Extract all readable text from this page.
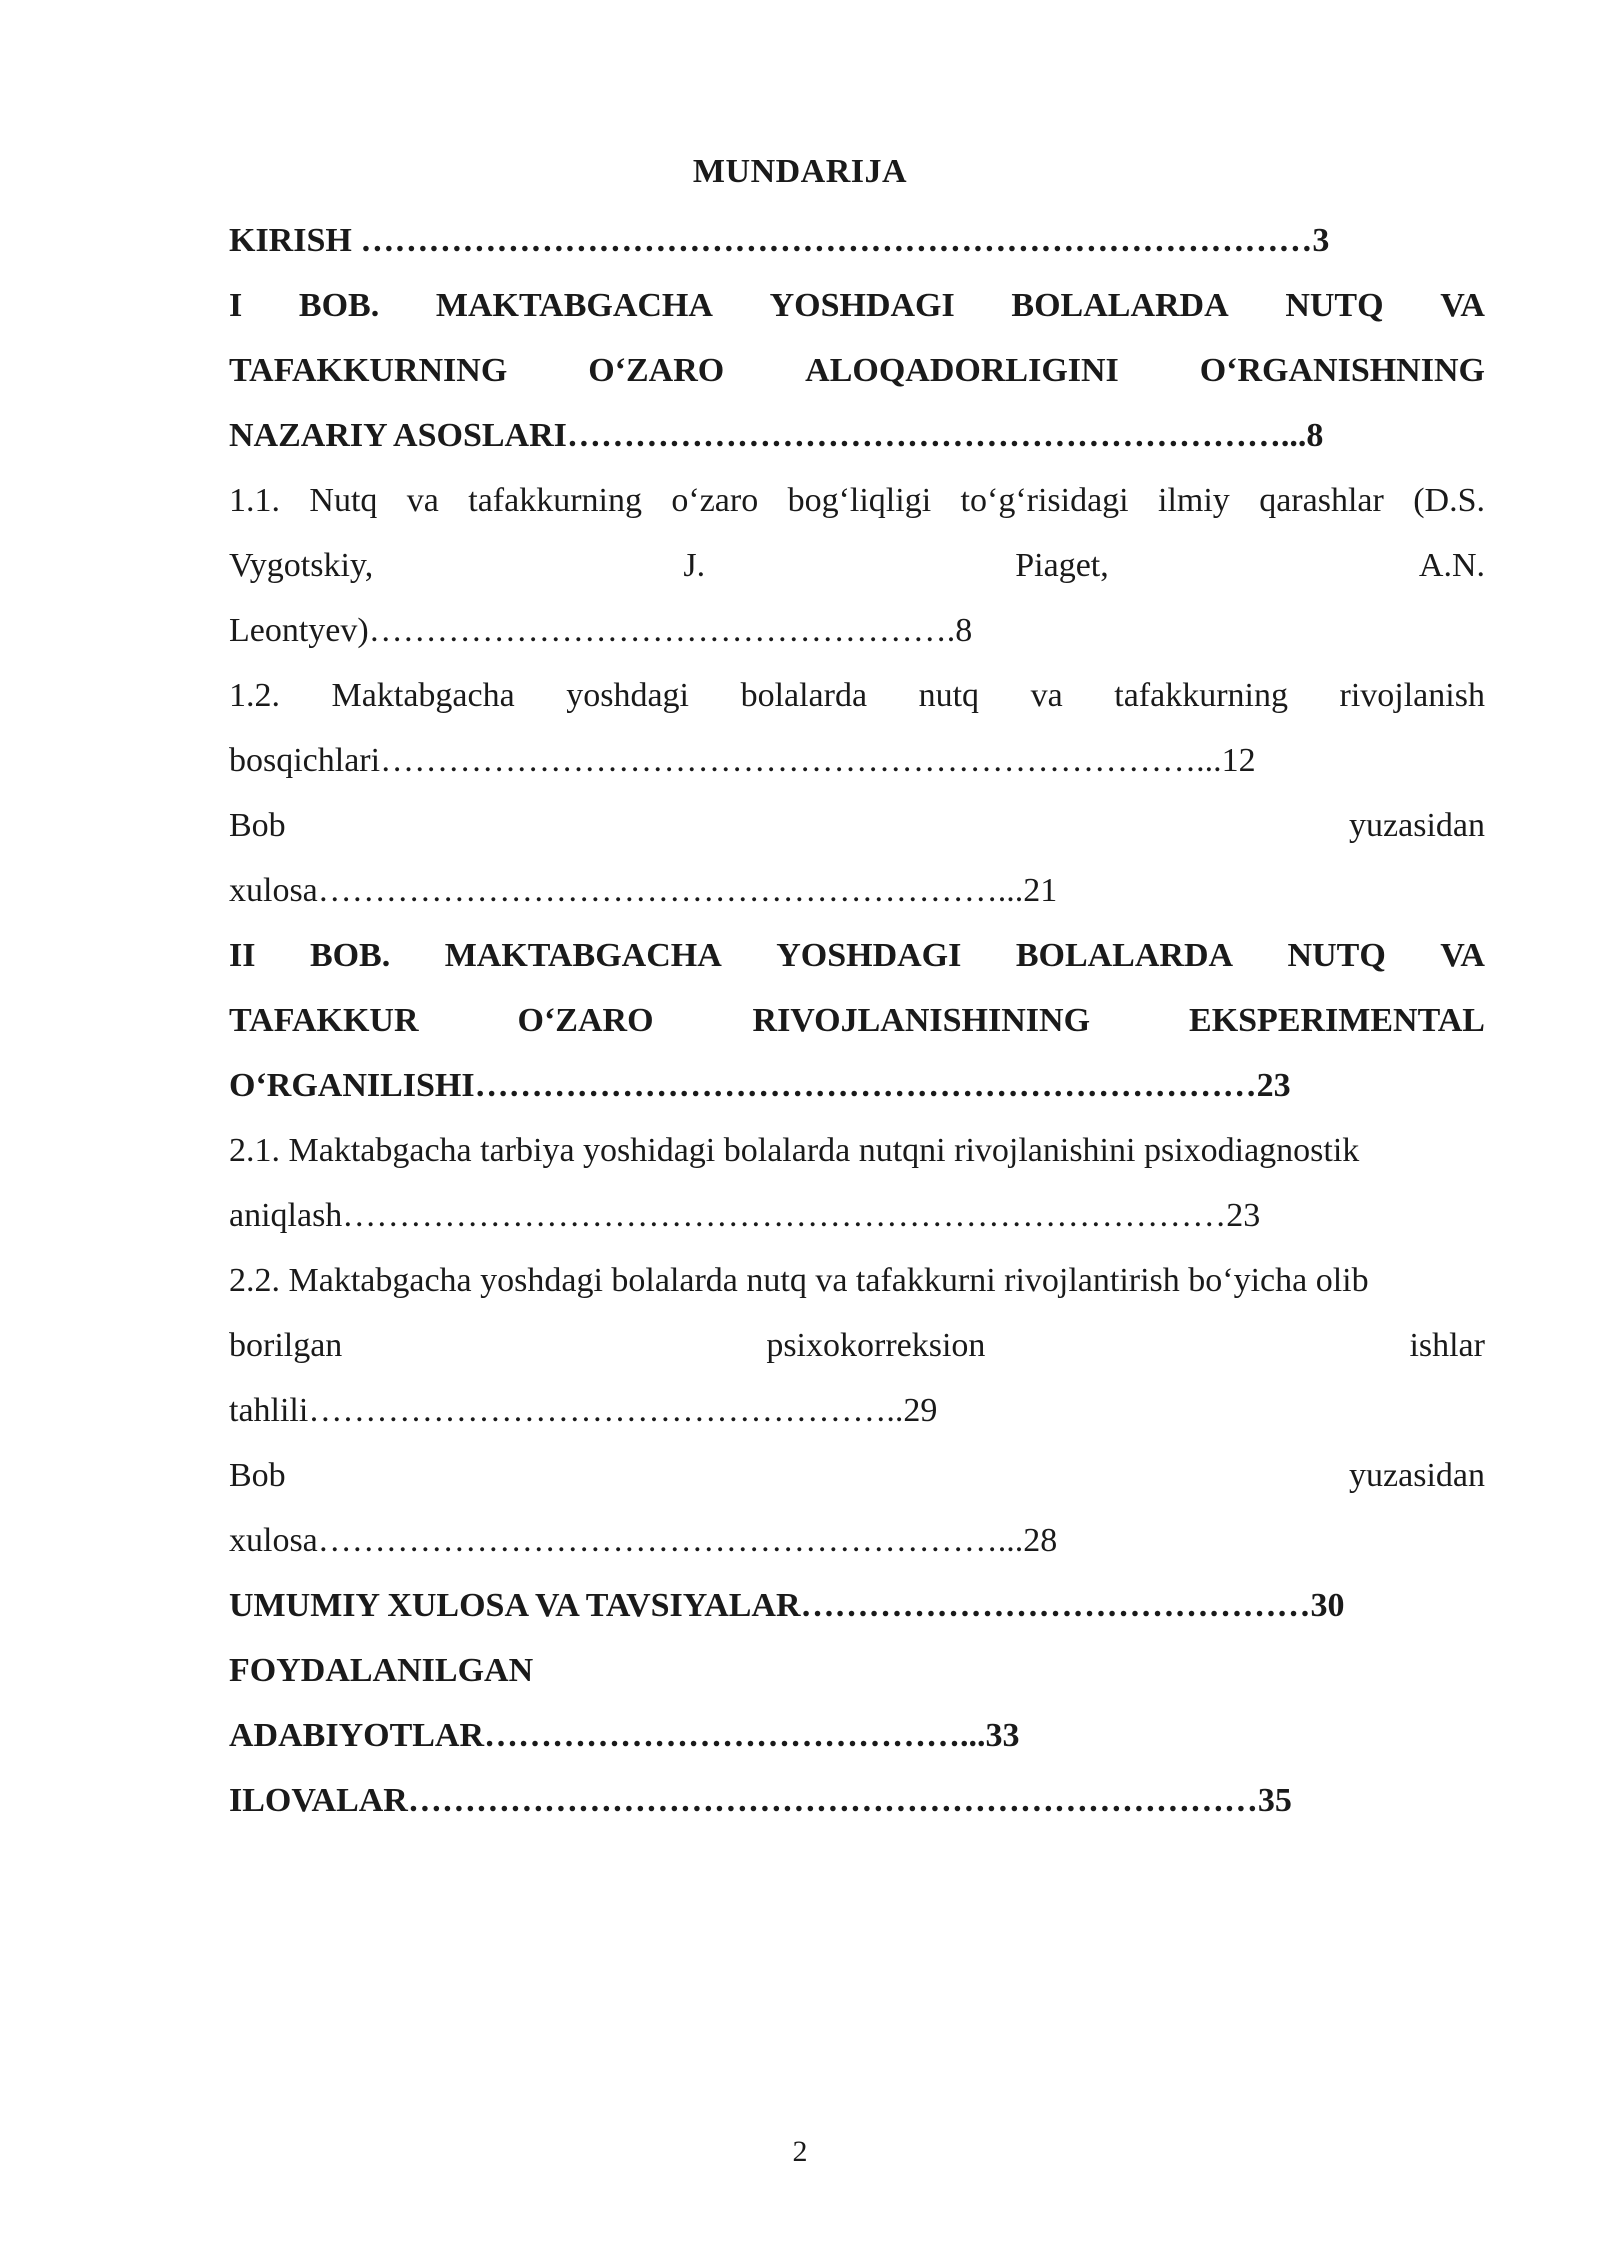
MUNDARIJA
KIRISH …………………………………………………………………………3
I BOB. MAKTABGACHA YOSHDAGI BOLALARDA NUTQ VA
TAFAKKURNING O‘ZARO ALOQADORLIGINI O‘RGANISHNING
NAZARIY ASOSLARI………………………………………………………...8
1.1. Nutq va tafakkurning o‘zaro bog‘liqligi to‘g‘risidagi ilmiy qarashlar (D.S.
Vygotskiy,	J.	Piaget,	A.N.
Leontyev)…………………………………………….8
1.2. Maktabgacha yoshdagi bolalarda nutq va tafakkurning rivojlanish
bosqichlari………………………………………………………………...12
Bob	yuzasidan
xulosa……………………………………………………...21
II BOB. MAKTABGACHA YOSHDAGI BOLALARDA NUTQ VA
TAFAKKUR	O‘ZARO	RIVOJLANISHINING	EKSPERIMENTAL
O‘RGANILISHI……………………………………………………………23
2.1. Maktabgacha tarbiya yoshidagi bolalarda nutqni rivojlanishini psixodiagnostik
aniqlash……………………………………………………………………23
2.2. Maktabgacha yoshdagi bolalarda nutq va tafakkurni rivojlantirish bo‘yicha olib
borilgan	psixokorreksion	ishlar
tahlili……………………………………………..29
Bob	yuzasidan
xulosa……………………………………………………...28
UMUMIY XULOSA VA TAVSIYALAR………………………………………30
FOYDALANILGAN
ADABIYOTLAR……………………………………...33
ILOVALAR…………………………………………………………………35
2
